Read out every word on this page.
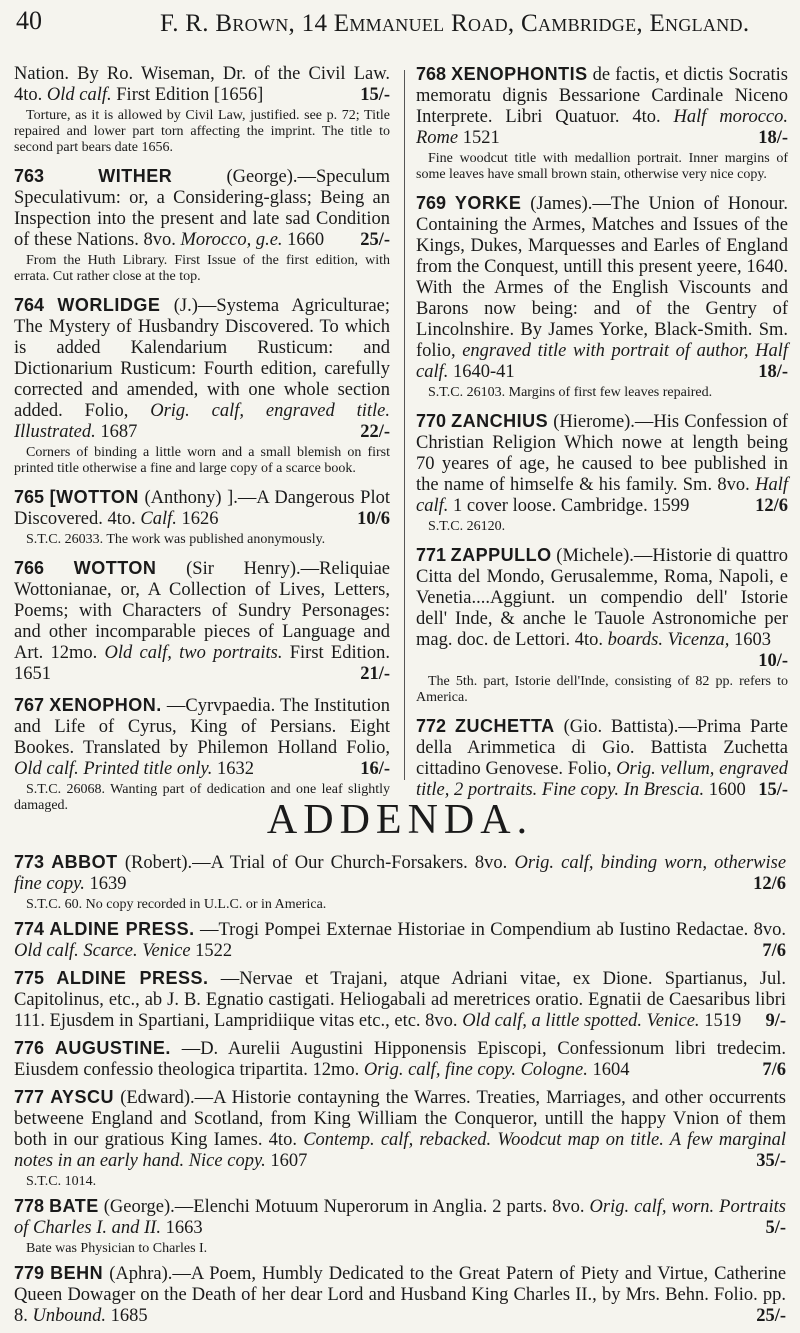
40	F. R. Brown, 14 Emmanuel Road, Cambridge, England.
Nation. By Ro. Wiseman, Dr. of the Civil Law. 4to. Old calf. First Edition [1656]	15/-
Torture, as it is allowed by Civil Law, justified. see p. 72; Title repaired and lower part torn affecting the imprint. The title to second part bears date 1656.
763	WITHER	(George).—Speculum Speculativum: or, a Considering-glass; Being an Inspection into the present and late sad Condition of these Nations. 8vo. Morocco, g.e. 1660 25/-
From the Huth Library. First Issue of the first edition, with errata. Cut rather close at the top.
764 WORLIDGE (J.)—Systema Agriculturae; The Mystery of Husbandry Discovered. To which is added Kalendarium Rusticum: and Dictionarium Rusticum: Fourth edition, carefully corrected and amended, with one whole section added. Folio, Orig. calf, engraved title. Illustrated. 1687	22/-
Corners of binding a little worn and a small blemish on first printed title otherwise a fine and large copy of a scarce book.
765 [WOTTON (Anthony) ].—A Dangerous Plot Discovered. 4to. Calf. 1626	10/6
S.T.C. 26033. The work was published anonymously.
766 WOTTON (Sir Henry).—Reliquiae Wottonianae, or, A Collection of Lives, Letters, Poems; with Characters of Sundry Personages: and other incomparable pieces of Language and Art. 12mo. Old calf, two portraits. First Edition. 1651	21/-
767 XENOPHON. —Cyrvpaedia. The Institution and Life of Cyrus, King of Persians. Eight Bookes. Translated by Philemon Holland Folio, Old calf. Printed title only. 1632	16/-
S.T.C. 26068. Wanting part of dedication and one leaf slightly damaged.
768 XENOPHONTIS de factis, et dictis Socratis memoratu dignis Bessarione Cardinale Niceno Interprete. Libri Quatuor. 4to. Half morocco. Rome 1521	18/-
Fine woodcut title with medallion portrait. Inner margins of some leaves have small brown stain, otherwise very nice copy.
769 YORKE (James).—The Union of Honour. Containing the Armes, Matches and Issues of the Kings, Dukes, Marquesses and Earles of England from the Conquest, untill this present yeere, 1640. With the Armes of the English Viscounts and Barons now being: and of the Gentry of Lincolnshire. By James Yorke, Black-Smith. Sm. folio, engraved title with portrait of author, Half calf. 1640-41	18/-
S.T.C. 26103. Margins of first few leaves repaired.
770 ZANCHIUS (Hierome).—His Confession of Christian Religion Which nowe at length being 70 yeares of age, he caused to bee published in the name of himselfe & his family. Sm. 8vo. Half calf. 1 cover loose. Cambridge. 1599	12/6
S.T.C. 26120.
771 ZAPPULLO (Michele).—Historie di quattro Citta del Mondo, Gerusalemme, Roma, Napoli, e Venetia....Aggiunt. un compendio dell' Istorie dell' Inde, & anche le Tauole Astronomiche per mag. doc. de Lettori. 4to. boards. Vicenza, 1603
10/-
The 5th. part, Istorie dell'Inde, consisting of 82 pp. refers to America.
772 ZUCHETTA (Gio. Battista).—Prima Parte della Arimmetica di Gio. Battista Zuchetta cittadino Genovese. Folio, Orig. vellum, engraved title, 2 portraits. Fine copy. In Brescia. 1600 15/-
ADDENDA.
773 ABBOT (Robert).—A Trial of Our Church-Forsakers. 8vo. Orig. calf, binding worn, otherwise fine copy. 1639	12/6
S.T.C. 60. No copy recorded in U.L.C. or in America.
774 ALDINE PRESS. —Trogi Pompei Externae Historiae in Compendium ab Iustino Redactae. 8vo. Old calf. Scarce. Venice 1522	7/6
775 ALDINE PRESS. —Nervae et Trajani, atque Adriani vitae, ex Dione. Spartianus, Jul. Capitolinus, etc., ab J. B. Egnatio castigati. Heliogabali ad meretrices oratio. Egnatii de Caesaribus libri 111. Ejusdem in Spartiani, Lampridiique vitas etc., etc. 8vo. Old calf, a little spotted. Venice. 1519 9/-
776 AUGUSTINE. —D. Aurelii Augustini Hipponensis Episcopi, Confessionum libri tredecim. Eiusdem confessio theologica tripartita. 12mo. Orig. calf, fine copy. Cologne. 1604	7/6
777 AYSCU (Edward).—A Historie contayning the Warres. Treaties, Marriages, and other occurrents betweene England and Scotland, from King William the Conqueror, untill the happy Vnion of them both in our gratious King Iames. 4to. Contemp. calf, rebacked. Woodcut map on title. A few marginal notes in an early hand. Nice copy. 1607	35/-
S.T.C. 1014.
778 BATE (George).—Elenchi Motuum Nuperorum in Anglia. 2 parts. 8vo. Orig. calf, worn. Portraits of Charles I. and II. 1663	5/-
Bate was Physician to Charles I.
779 BEHN (Aphra).—A Poem, Humbly Dedicated to the Great Patern of Piety and Virtue, Catherine Queen Dowager on the Death of her dear Lord and Husband King Charles II., by Mrs. Behn. Folio. pp. 8. Unbound. 1685	25/-
